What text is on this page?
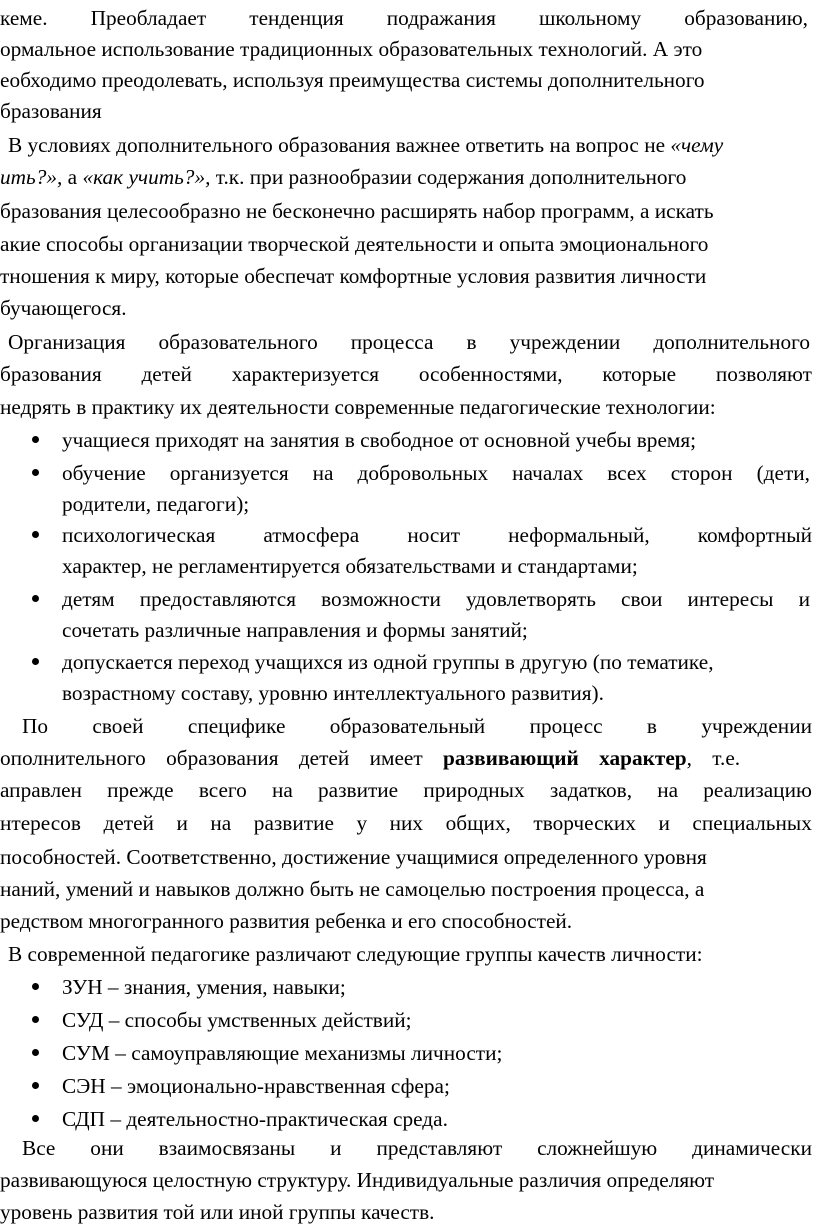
кеме. Преобладает тенденция подражания школьному образованию,
ормальное использование традиционных образовательных технологий. А это
еобходимо преодолевать, используя преимущества системы дополнительного
бразования
В условиях дополнительного образования важнее ответить на вопрос не «чему
ить?», а «как учить?», т.к. при разнообразии содержания дополнительного
бразования целесообразно не бесконечно расширять набор программ, а искать
акие способы организации творческой деятельности и опыта эмоционального
тношения к миру, которые обеспечат комфортные условия развития личности
бучающегося.
Организация образовательного процесса в учреждении дополнительного
бразования детей характеризуется особенностями, которые позволяют
недрять в практику их деятельности современные педагогические технологии:
учащиеся приходят на занятия в свободное от основной учебы время;
обучение организуется на добровольных началах всех сторон (дети,
родители, педагоги);
психологическая атмосфера носит неформальный, комфортный
характер, не регламентируется обязательствами и стандартами;
детям предоставляются возможности удовлетворять свои интересы и
сочетать различные направления и формы занятий;
допускается переход учащихся из одной группы в другую (по тематике,
возрастному составу, уровню интеллектуального развития).
По своей специфике образовательный процесс в учреждении
ополнительного образования детей имеет развивающий характер, т.е.
аправлен прежде всего на развитие природных задатков, на реализацию
нтересов детей и на развитие у них общих, творческих и специальных
пособностей. Соответственно, достижение учащимися определенного уровня
наний, умений и навыков должно быть не самоцелью построения процесса, а
редством многогранного развития ребенка и его способностей.
В современной педагогике различают следующие группы качеств личности:
ЗУН – знания, умения, навыки;
СУД – способы умственных действий;
СУМ – самоуправляющие механизмы личности;
СЭН – эмоционально-нравственная сфера;
СДП – деятельностно-практическая среда.
Все они взаимосвязаны и представляют сложнейшую динамически
развивающуюся целостную структуру. Индивидуальные различия определяют
уровень развития той или иной группы качеств.
